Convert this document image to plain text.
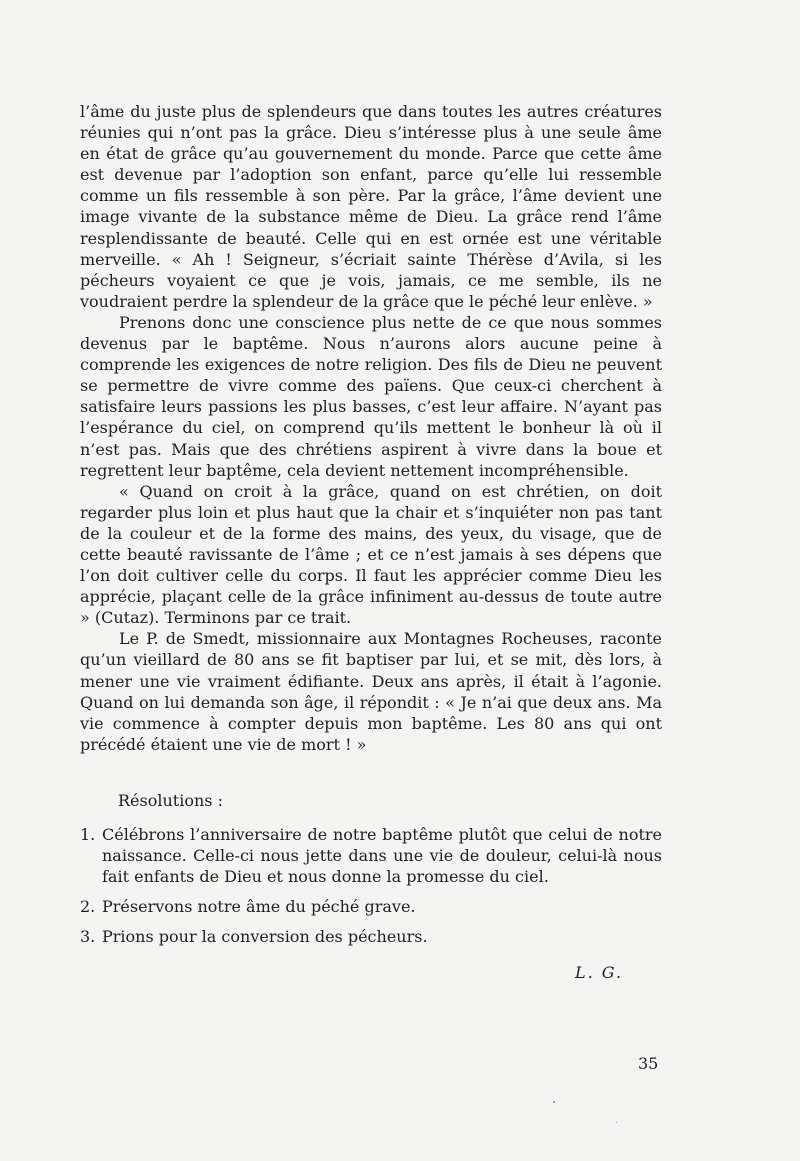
l’âme du juste plus de splendeurs que dans toutes les autres créatures réunies qui n’ont pas la grâce. Dieu s’intéresse plus à une seule âme en état de grâce qu’au gouvernement du monde. Parce que cette âme est devenue par l’adoption son enfant, parce qu’elle lui ressemble comme un fils ressemble à son père. Par la grâce, l’âme devient une image vivante de la substance même de Dieu. La grâce rend l’âme resplendissante de beauté. Celle qui en est ornée est une véritable merveille. « Ah ! Seigneur, s’écriait sainte Thérèse d’Avila, si les pécheurs voyaient ce que je vois, jamais, ce me semble, ils ne voudraient perdre la splendeur de la grâce que le péché leur enlève. »

Prenons donc une conscience plus nette de ce que nous sommes devenus par le baptême. Nous n’aurons alors aucune peine à comprende les exigences de notre religion. Des fils de Dieu ne peuvent se permettre de vivre comme des païens. Que ceux-ci cherchent à satisfaire leurs passions les plus basses, c’est leur affaire. N’ayant pas l’espérance du ciel, on comprend qu’ils mettent le bonheur là où il n’est pas. Mais que des chrétiens aspirent à vivre dans la boue et regrettent leur baptême, cela devient nettement incompréhensible.

« Quand on croit à la grâce, quand on est chrétien, on doit regarder plus loin et plus haut que la chair et s’inquiéter non pas tant de la couleur et de la forme des mains, des yeux, du visage, que de cette beauté ravissante de l’âme ; et ce n’est jamais à ses dépens que l’on doit cultiver celle du corps. Il faut les apprécier comme Dieu les apprécie, plaçant celle de la grâce infiniment au-dessus de toute autre » (Cutaz). Terminons par ce trait.

Le P. de Smedt, missionnaire aux Montagnes Rocheuses, raconte qu’un vieillard de 80 ans se fit baptiser par lui, et se mit, dès lors, à mener une vie vraiment édifiante. Deux ans après, il était à l’agonie. Quand on lui demanda son âge, il répondit : « Je n’ai que deux ans. Ma vie commence à compter depuis mon baptême. Les 80 ans qui ont précédé étaient une vie de mort ! »

Résolutions :
1. Célébrons l’anniversaire de notre baptême plutôt que celui de notre naissance. Celle-ci nous jette dans une vie de douleur, celui-là nous fait enfants de Dieu et nous donne la promesse du ciel.
2. Préservons notre âme du péché grave.
3. Prions pour la conversion des pécheurs.
L. G.
35
